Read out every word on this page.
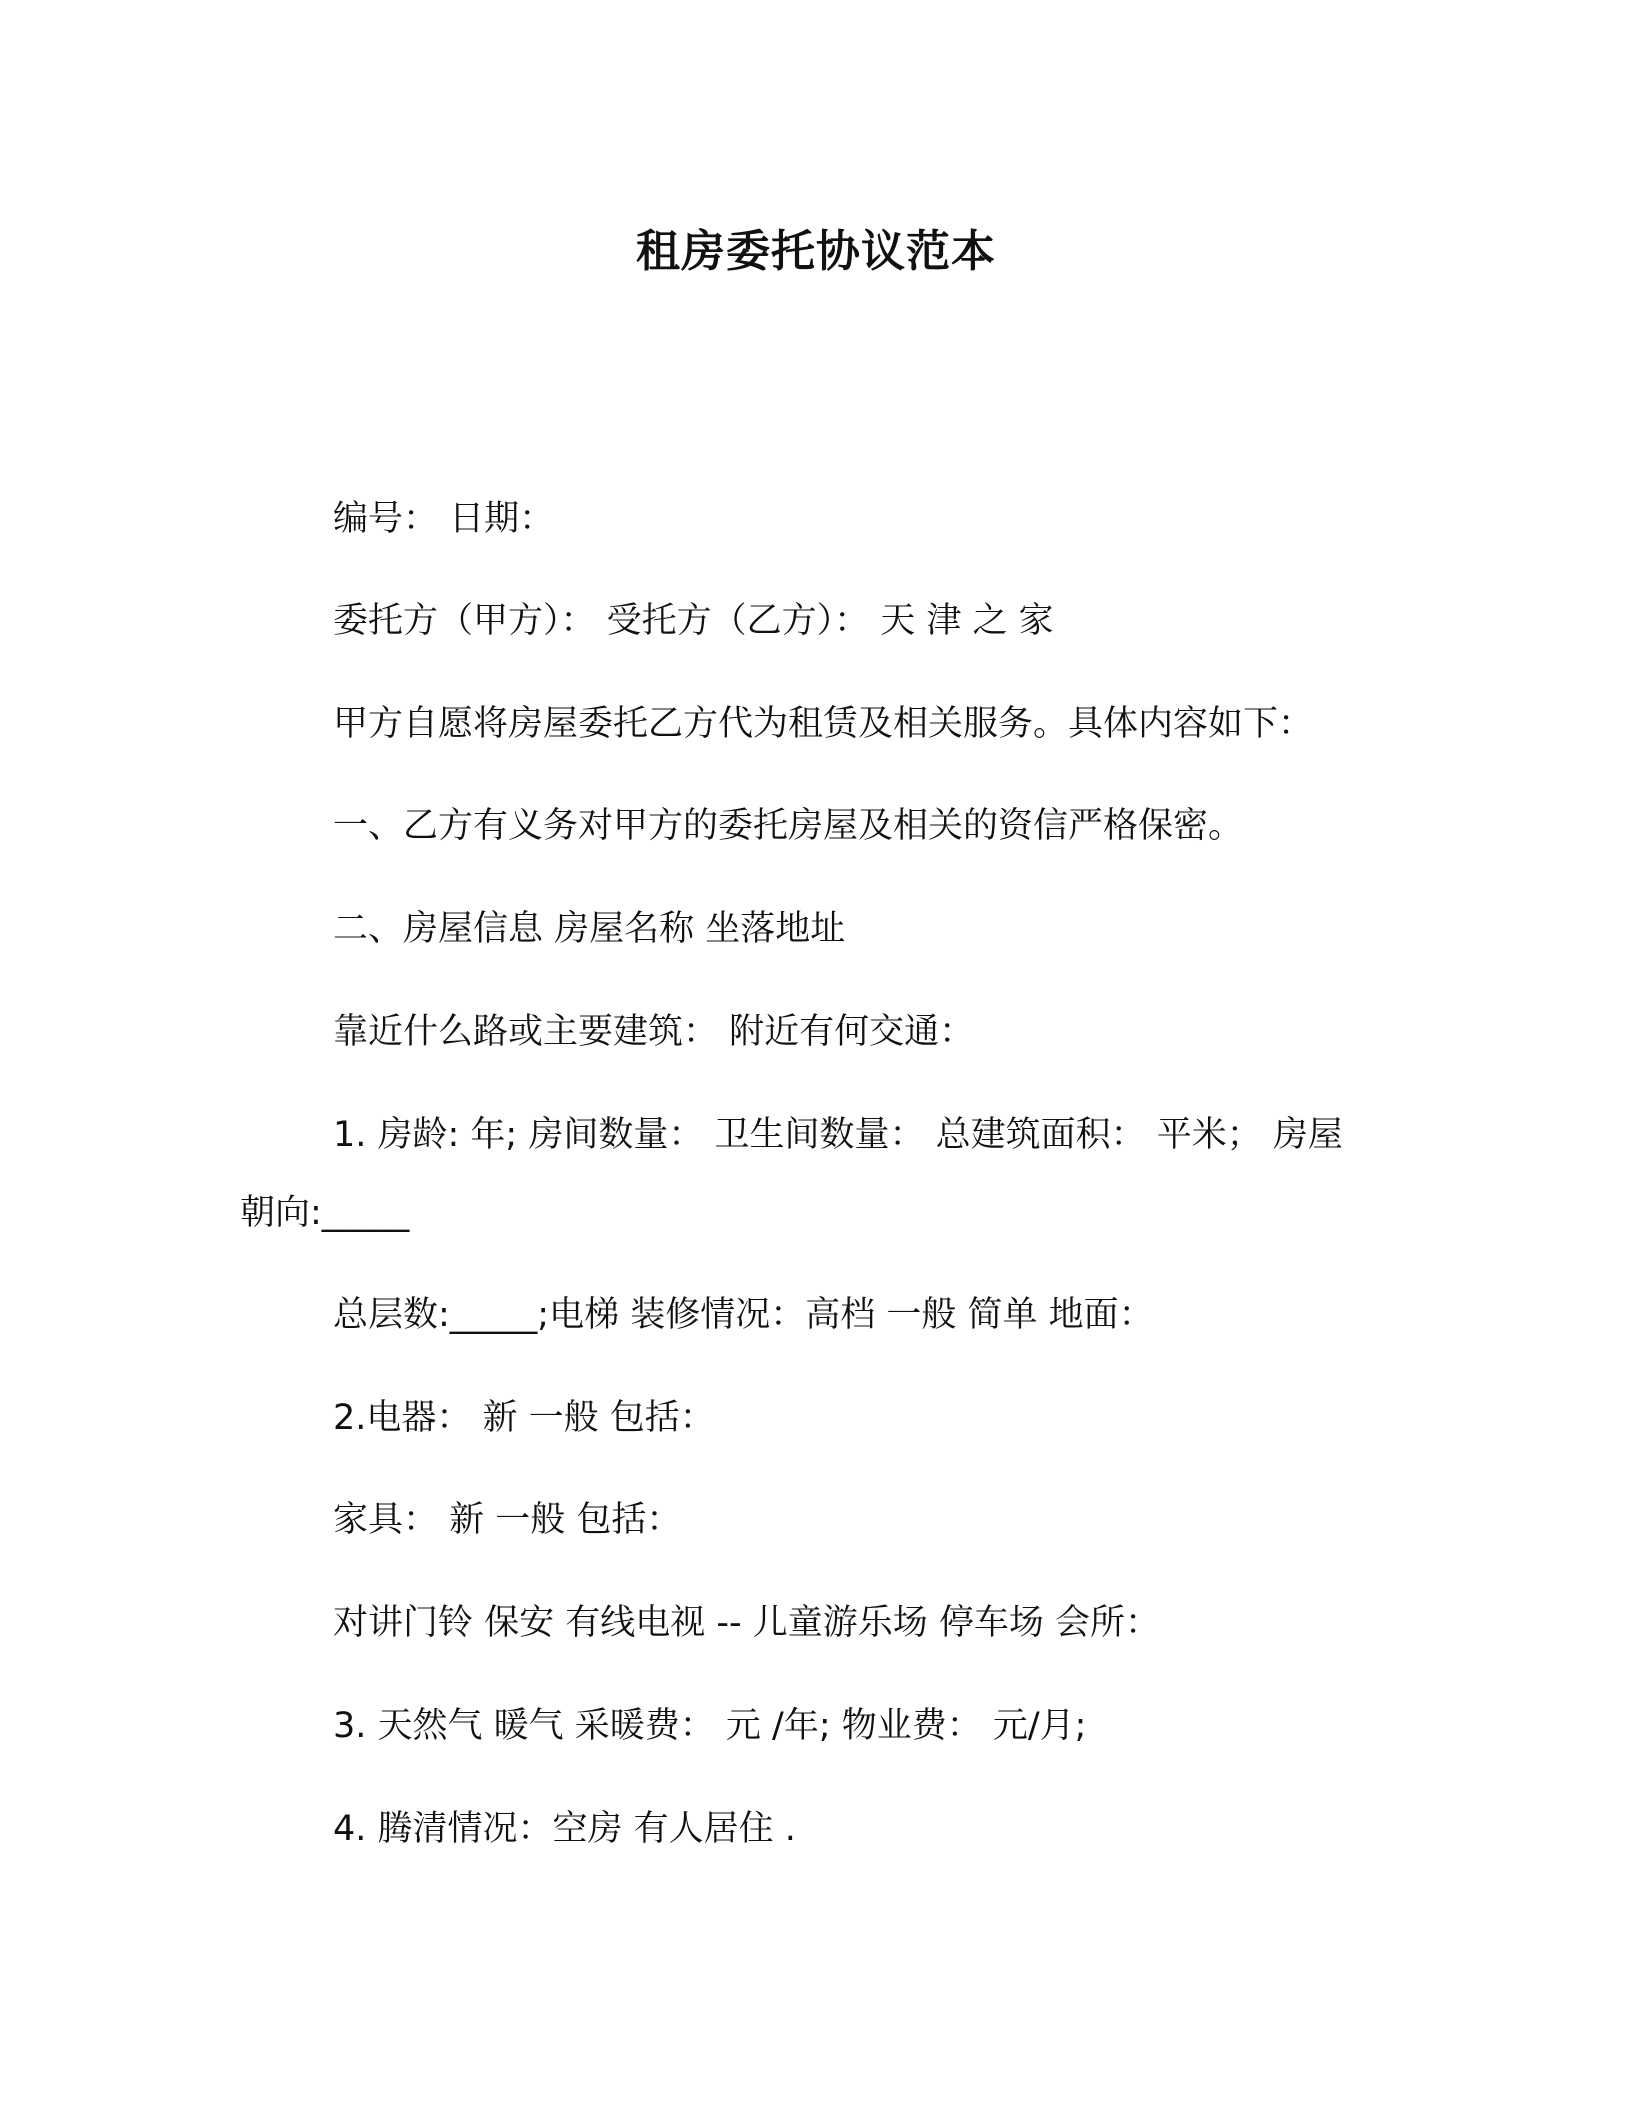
租房委托协议范本
编号： 日期：
委托方（甲方）： 受托方（乙方）： 天 津 之 家
甲方自愿将房屋委托乙方代为租赁及相关服务。具体内容如下：
一、乙方有义务对甲方的委托房屋及相关的资信严格保密。
二、房屋信息 房屋名称 坐落地址
靠近什么路或主要建筑： 附近有何交通：
1. 房龄: 年; 房间数量： 卫生间数量： 总建筑面积： 平米； 房屋
朝向:_____
总层数:_____;电梯 装修情况：高档 一般 简单 地面：
2.电器： 新 一般 包括：
家具： 新 一般 包括：
对讲门铃 保安 有线电视 -- 儿童游乐场 停车场 会所：
3. 天然气 暖气 采暖费： 元 /年; 物业费： 元/月;
4. 腾清情况：空房 有人居住 .
